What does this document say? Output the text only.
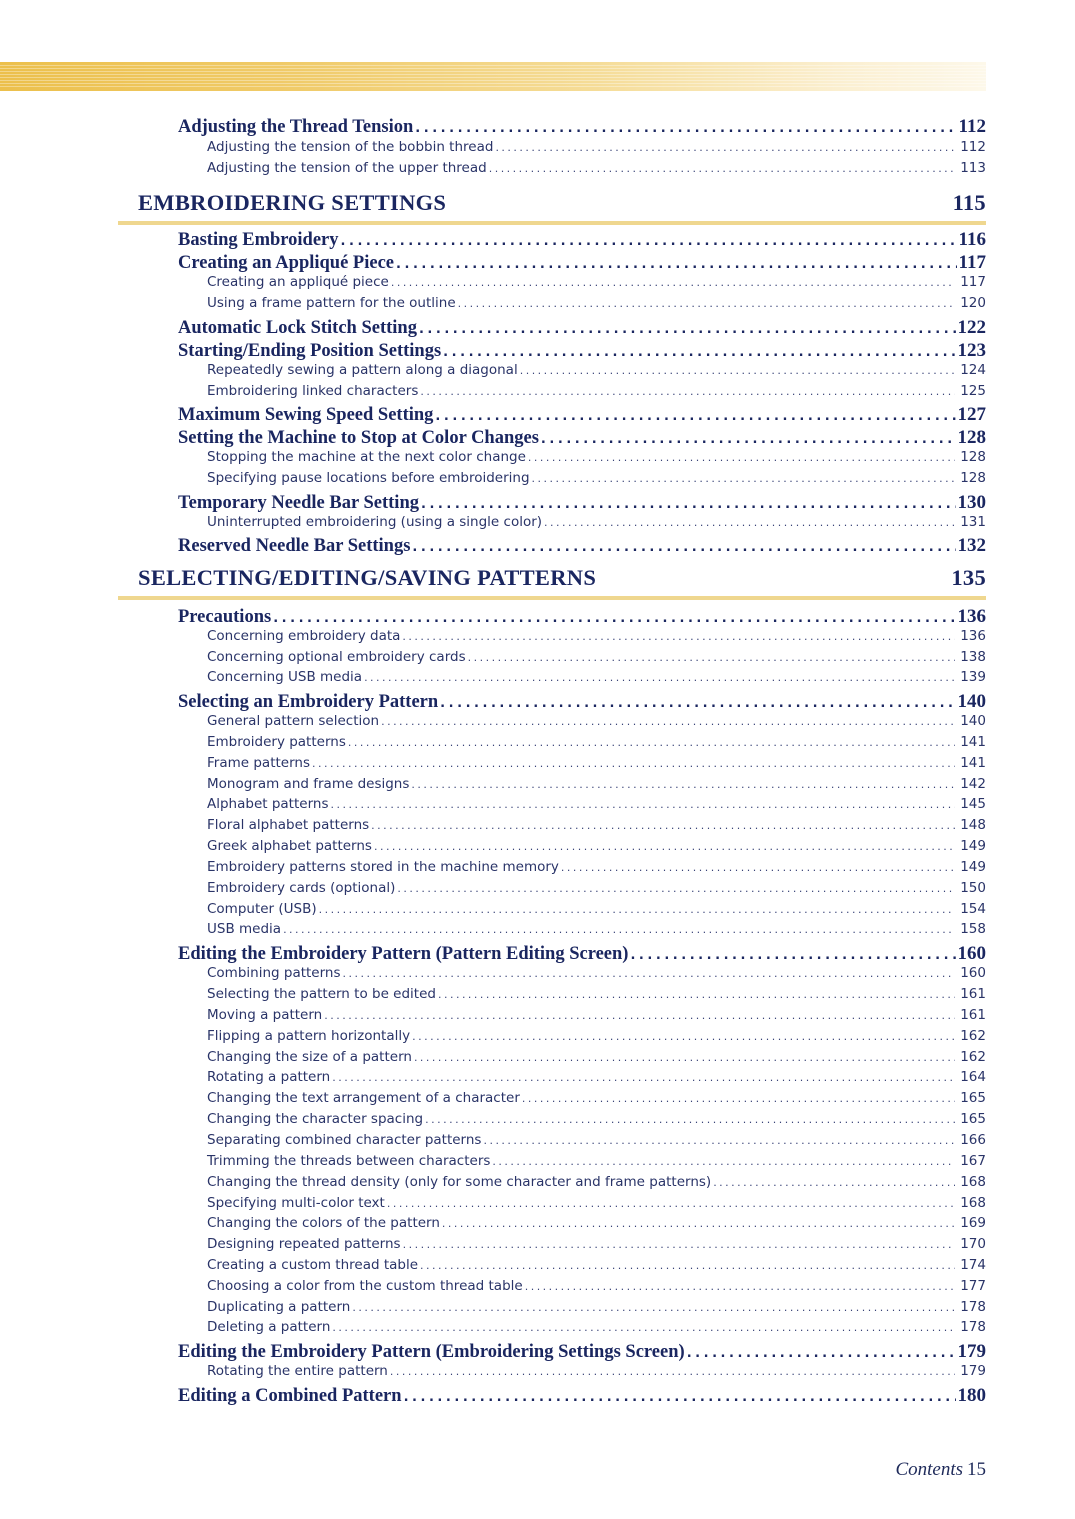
Adjusting the Thread Tension . . .	112
Adjusting the tension of the bobbin thread . . .	112
Adjusting the tension of the upper thread . . .	113
EMBROIDERING SETTINGS	115
Basting Embroidery . . .	116
Creating an Appliqué Piece . . .	117
Creating an appliqué piece . . .	117
Using a frame pattern for the outline . . .	120
Automatic Lock Stitch Setting . . .	122
Starting/Ending Position Settings . . .	123
Repeatedly sewing a pattern along a diagonal . . .	124
Embroidering linked characters . . .	125
Maximum Sewing Speed Setting . . .	127
Setting the Machine to Stop at Color Changes . . .	128
Stopping the machine at the next color change . . .	128
Specifying pause locations before embroidering . . .	128
Temporary Needle Bar Setting . . .	130
Uninterrupted embroidering (using a single color) . . .	131
Reserved Needle Bar Settings . . .	132
SELECTING/EDITING/SAVING PATTERNS	135
Precautions . . .	136
Concerning embroidery data . . .	136
Concerning optional embroidery cards . . .	138
Concerning USB media . . .	139
Selecting an Embroidery Pattern . . .	140
General pattern selection . . .	140
Embroidery patterns . . .	141
Frame patterns . . .	141
Monogram and frame designs . . .	142
Alphabet patterns . . .	145
Floral alphabet patterns . . .	148
Greek alphabet patterns . . .	149
Embroidery patterns stored in the machine memory . . .	149
Embroidery cards (optional) . . .	150
Computer (USB) . . .	154
USB media . . .	158
Editing the Embroidery Pattern (Pattern Editing Screen) . . .	160
Combining patterns . . .	160
Selecting the pattern to be edited . . .	161
Moving a pattern . . .	161
Flipping a pattern horizontally . . .	162
Changing the size of a pattern . . .	162
Rotating a pattern . . .	164
Changing the text arrangement of a character . . .	165
Changing the character spacing . . .	165
Separating combined character patterns . . .	166
Trimming the threads between characters . . .	167
Changing the thread density (only for some character and frame patterns) . . .	168
Specifying multi-color text . . .	168
Changing the colors of the pattern . . .	169
Designing repeated patterns . . .	170
Creating a custom thread table . . .	174
Choosing a color from the custom thread table . . .	177
Duplicating a pattern . . .	178
Deleting a pattern . . .	178
Editing the Embroidery Pattern (Embroidering Settings Screen) . . .	179
Rotating the entire pattern . . .	179
Editing a Combined Pattern . . .	180
Contents 15
